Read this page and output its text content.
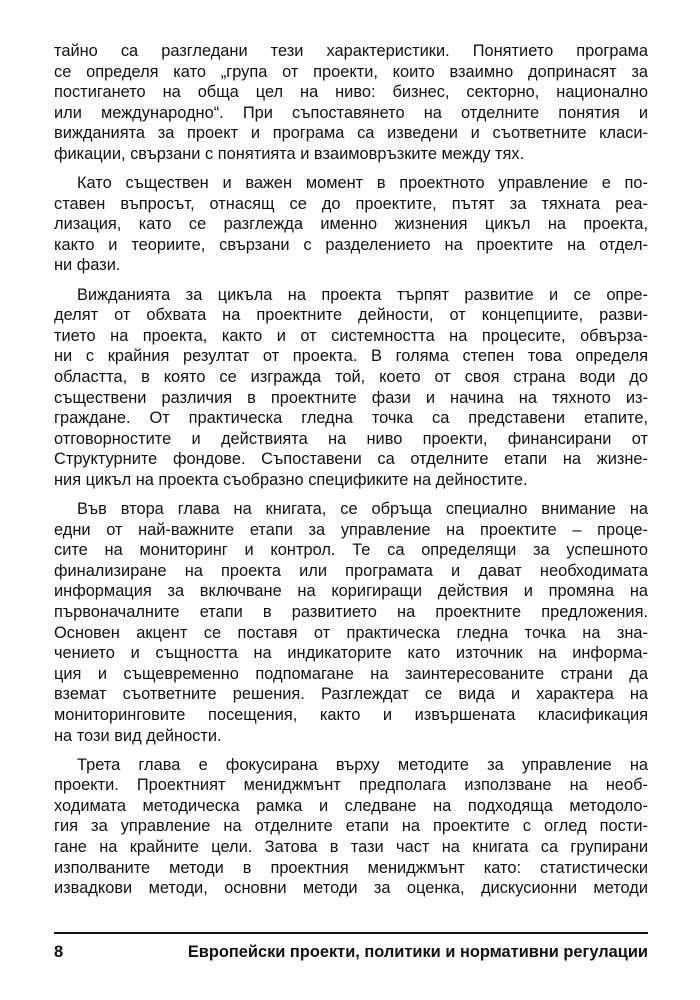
тайно са разгледани тези характеристики. Понятието програма
се определя като „група от проекти, които взаимно допринасят за
постигането на обща цел на ниво: бизнес, секторно, национално
или международно“. При съпоставянето на отделните понятия и
вижданията за проект и програма са изведени и съответните класи-
фикации, свързани с понятията и взаимовръзките между тях.
Като съществен и важен момент в проектното управление е по-
ставен въпросът, отнасящ се до проектите, пътят за тяхната реа-
лизация, като се разглежда именно жизнения цикъл на проекта,
както и теориите, свързани с разделението на проектите на отдел-
ни фази.
Вижданията за цикъла на проекта търпят развитие и се опре-
делят от обхвата на проектните дейности, от концепциите, разви-
тието на проекта, както и от системността на процесите, обвърза-
ни с крайния резултат от проекта. В голяма степен това определя
областта, в която се изгражда той, което от своя страна води до
съществени различия в проектните фази и начина на тяхното из-
граждане. От практическа гледна точка са представени етапите,
отговорностите и действията на ниво проекти, финансирани от
Структурните фондове. Съпоставени са отделните етапи на жизне-
ния цикъл на проекта съобразно спецификите на дейностите.
Във втора глава на книгата, се обръща специално внимание на
едни от най-важните етапи за управление на проектите – проце-
сите на мониторинг и контрол. Те са определящи за успешното
финализиране на проекта или програмата и дават необходимата
информация за включване на коригиращи действия и промяна на
първоначалните етапи в развитието на проектните предложения.
Основен акцент се поставя от практическа гледна точка на зна-
чението и същността на индикаторите като източник на информа-
ция и същевременно подпомагане на заинтересованите страни да
вземат съответните решения. Разглеждат се вида и характера на
мониторинговите посещения, както и извършената класификация
на този вид дейности.
Трета глава е фокусирана върху методите за управление на
проекти. Проектният мениджмънт предполага използване на необ-
ходимата методическа рамка и следване на подходяща методоло-
гия за управление на отделните етапи на проектите с оглед пости-
гане на крайните цели. Затова в тази част на книгата са групирани
изполваните методи в проектния мениджмънт като: статистически
извадкови методи, основни методи за оценка, дискусионни методи
8	Европейски проекти, политики и нормативни регулации
